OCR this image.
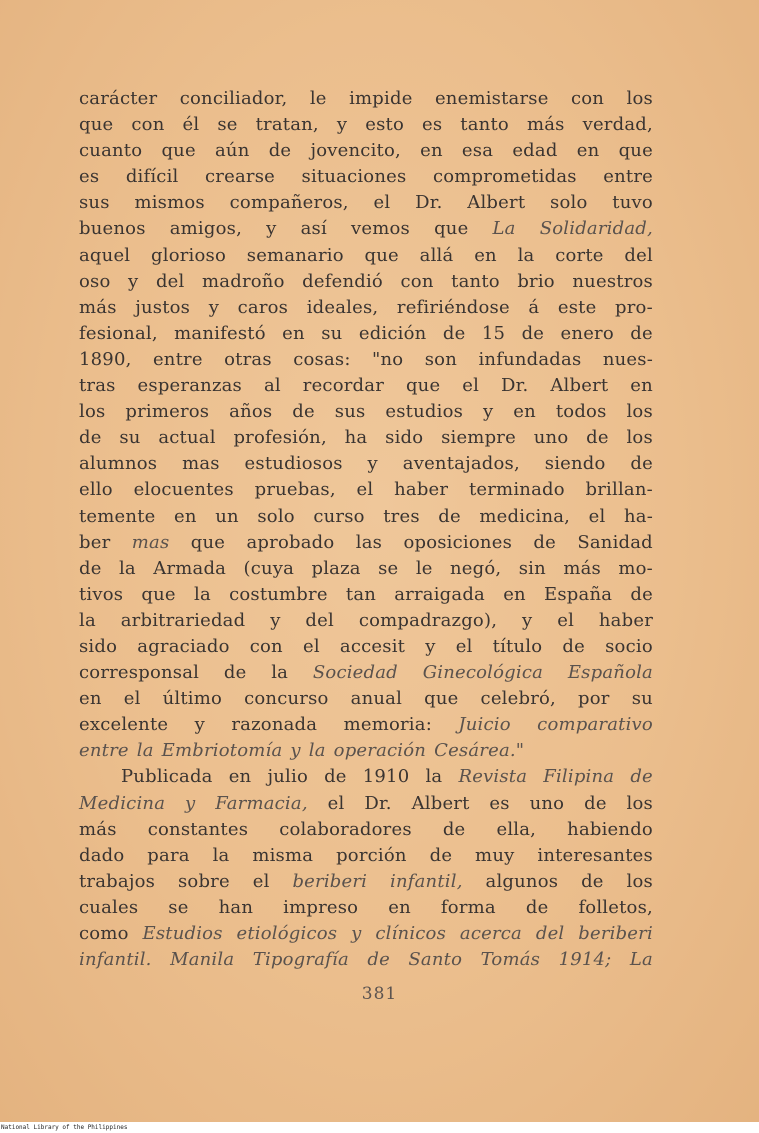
carácter conciliador, le impide enemistarse con los
que con él se tratan, y esto es tanto más verdad,
cuanto que aún de jovencito, en esa edad en que
es difícil crearse situaciones comprometidas entre
sus mismos compañeros, el Dr. Albert solo tuvo
buenos amigos, y así vemos que La Solidaridad,
aquel glorioso semanario que allá en la corte del
oso y del madroño defendió con tanto brio nuestros
más justos y caros ideales, refiriéndose á este pro-
fesional, manifestó en su edición de 15 de enero de
1890, entre otras cosas: "no son infundadas nues-
tras esperanzas al recordar que el Dr. Albert en
los primeros años de sus estudios y en todos los
de su actual profesión, ha sido siempre uno de los
alumnos mas estudiosos y aventajados, siendo de
ello elocuentes pruebas, el haber terminado brillan-
temente en un solo curso tres de medicina, el ha-
ber mas que aprobado las oposiciones de Sanidad
de la Armada (cuya plaza se le negó, sin más mo-
tivos que la costumbre tan arraigada en España de
la arbitrariedad y del compadrazgo), y el haber
sido agraciado con el accesit y el título de socio
corresponsal de la Sociedad Ginecológica Española
en el último concurso anual que celebró, por su
excelente y razonada memoria: Juicio comparativo
entre la Embriotomía y la operación Cesárea."
Publicada en julio de 1910 la Revista Filipina de
Medicina y Farmacia, el Dr. Albert es uno de los
más constantes colaboradores de ella, habiendo
dado para la misma porción de muy interesantes
trabajos sobre el beriberi infantil, algunos de los
cuales se han impreso en forma de folletos,
como Estudios etiológicos y clínicos acerca del beriberi
infantil. Manila Tipografía de Santo Tomás 1914; La
381
National Library of the Philippines
